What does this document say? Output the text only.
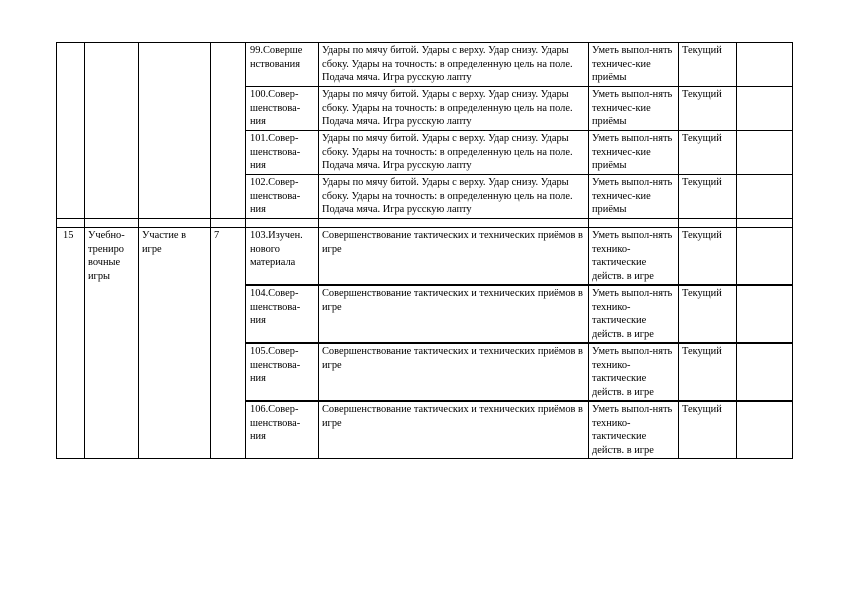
				99.Соверше нствования	Удары по мячу битой. Удары с верху. Удар снизу. Удары сбоку. Удары на точность: в определенную цель на поле. Подача мяча. Игра русскую лапту	Уметь выпол-нять техничес-кие приёмы	Текущий	
				100.Совер-шенствова-ния	Удары по мячу битой. Удары с верху. Удар снизу. Удары сбоку. Удары на точность: в определенную цель на поле. Подача мяча. Игра русскую лапту	Уметь выпол-нять техничес-кие приёмы	Текущий	
				101.Совер-шенствова-ния	Удары по мячу битой. Удары с верху. Удар снизу. Удары сбоку. Удары на точность: в определенную цель на поле. Подача мяча. Игра русскую лапту	Уметь выпол-нять техничес-кие приёмы	Текущий	
				102.Совер-шенствова-ния	Удары по мячу битой. Удары с верху. Удар снизу. Удары сбоку. Удары на точность: в определенную цель на поле. Подача мяча. Игра русскую лапту	Уметь выпол-нять техничес-кие приёмы	Текущий	

15	Учебно-трениро вочные игры	Участие в игре	7	103.Изучен. нового материала	Совершенствование тактических и технических приёмов в игре	Уметь выпол-нять технико-тактические действ. в игре	Текущий	
				104.Совер-шенствова-ния	Совершенствование тактических и технических приёмов в игре	Уметь выпол-нять технико-тактические действ. в игре	Текущий	
				105.Совер-шенствова-ния	Совершенствование тактических и технических приёмов в игре	Уметь выпол-нять технико-тактические действ. в игре	Текущий	
				106.Совер-шенствова-ния	Совершенствование тактических и технических приёмов в игре	Уметь выпол-нять технико-тактические действ. в игре	Текущий	
